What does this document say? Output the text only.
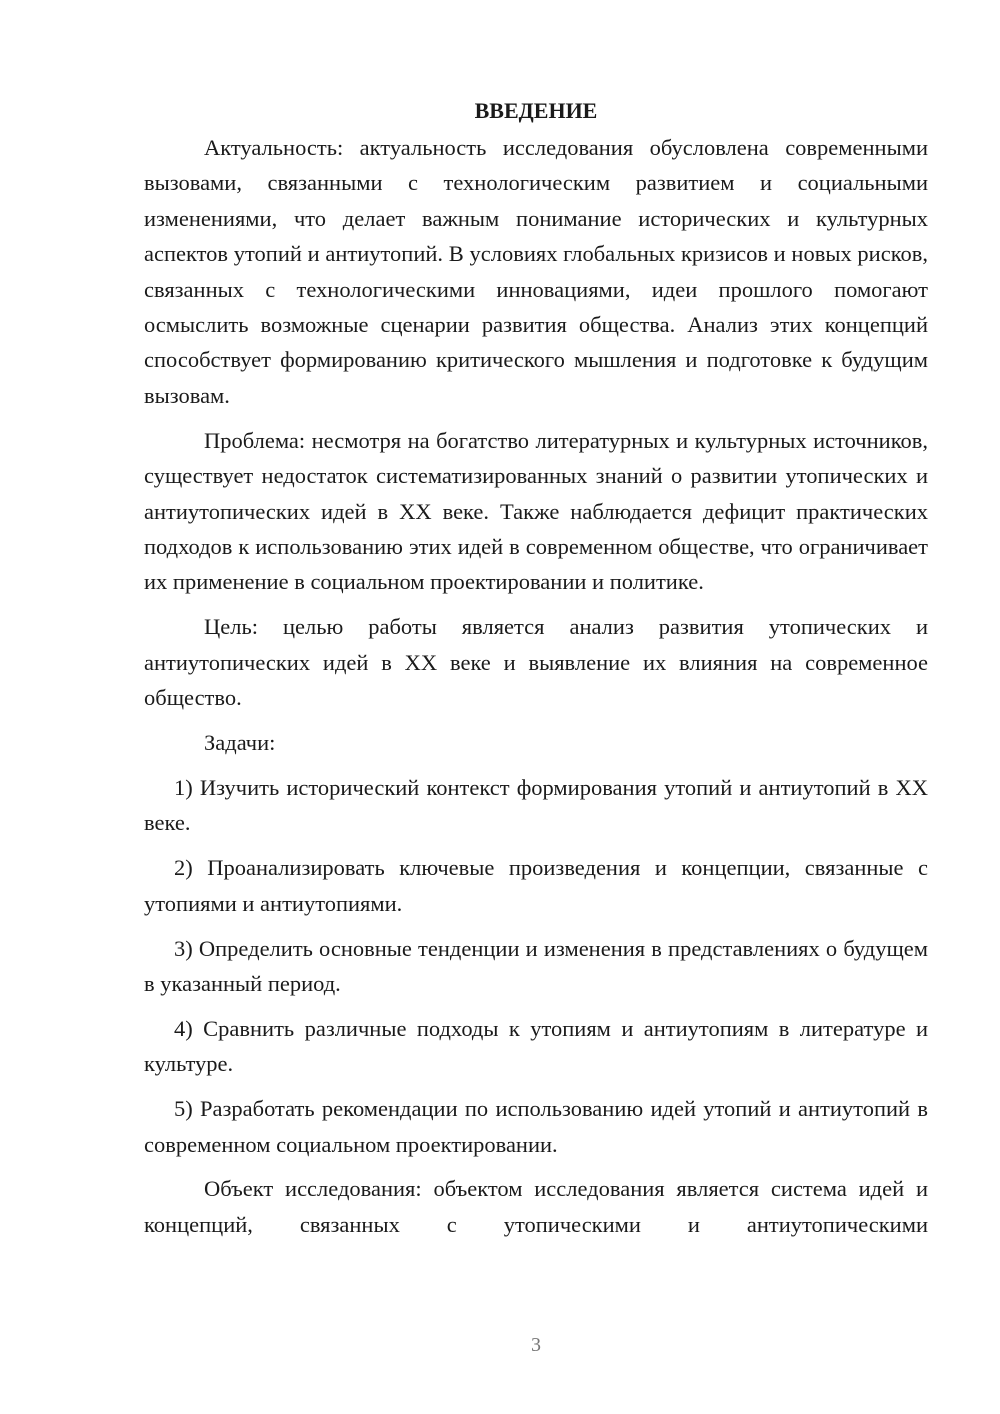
ВВЕДЕНИЕ

Актуальность: актуальность исследования обусловлена современными вызовами, связанными с технологическим развитием и социальными изменениями, что делает важным понимание исторических и культурных аспектов утопий и антиутопий. В условиях глобальных кризисов и новых рисков, связанных с технологическими инновациями, идеи прошлого помогают осмыслить возможные сценарии развития общества. Анализ этих концепций способствует формированию критического мышления и подготовке к будущим вызовам.

Проблема: несмотря на богатство литературных и культурных источников, существует недостаток систематизированных знаний о развитии утопических и антиутопических идей в XX веке. Также наблюдается дефицит практических подходов к использованию этих идей в современном обществе, что ограничивает их применение в социальном проектировании и политике.

Цель: целью работы является анализ развития утопических и антиутопических идей в XX веке и выявление их влияния на современное общество.

Задачи:

1) Изучить исторический контекст формирования утопий и антиутопий в XX веке.

2) Проанализировать ключевые произведения и концепции, связанные с утопиями и антиутопиями.

3) Определить основные тенденции и изменения в представлениях о будущем в указанный период.

4) Сравнить различные подходы к утопиям и антиутопиям в литературе и культуре.

5) Разработать рекомендации по использованию идей утопий и антиутопий в современном социальном проектировании.

Объект исследования: объектом исследования является система идей и концепций, связанных с утопическими и антиутопическими

3
